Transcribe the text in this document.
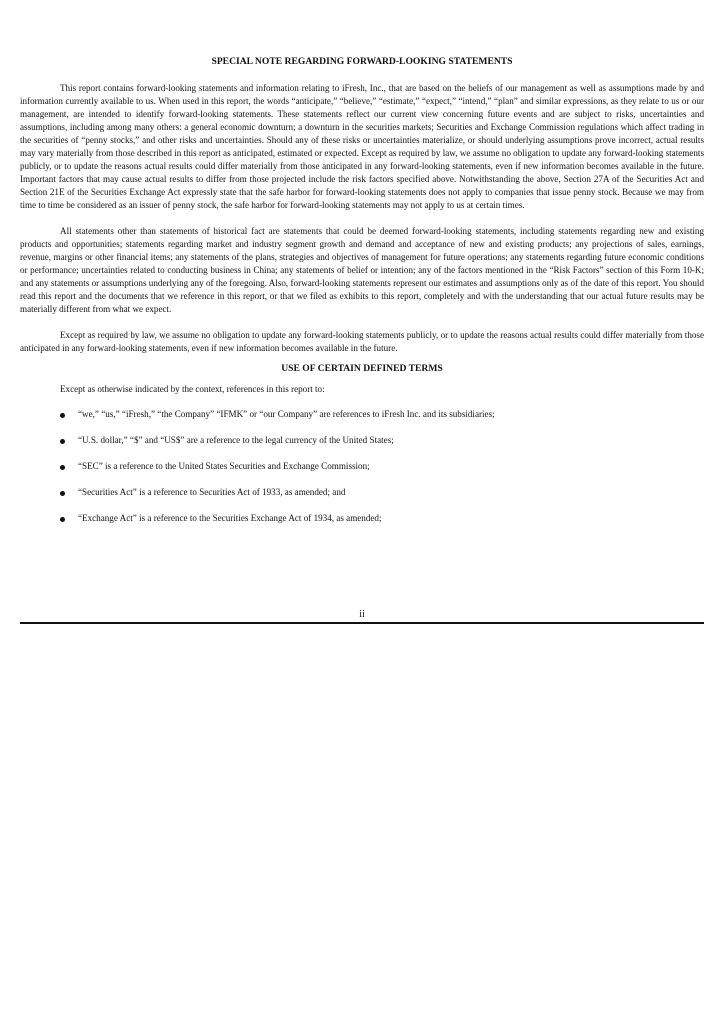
SPECIAL NOTE REGARDING FORWARD-LOOKING STATEMENTS

This report contains forward-looking statements and information relating to iFresh, Inc., that are based on the beliefs of our management as well as assumptions made by and information currently available to us. When used in this report, the words “anticipate,” “believe,” “estimate,” “expect,” “intend,” “plan” and similar expressions, as they relate to us or our management, are intended to identify forward-looking statements. These statements reflect our current view concerning future events and are subject to risks, uncertainties and assumptions, including among many others: a general economic downturn; a downturn in the securities markets; Securities and Exchange Commission regulations which affect trading in the securities of “penny stocks,” and other risks and uncertainties. Should any of these risks or uncertainties materialize, or should underlying assumptions prove incorrect, actual results may vary materially from those described in this report as anticipated, estimated or expected. Except as required by law, we assume no obligation to update any forward-looking statements publicly, or to update the reasons actual results could differ materially from those anticipated in any forward-looking statements, even if new information becomes available in the future. Important factors that may cause actual results to differ from those projected include the risk factors specified above. Notwithstanding the above, Section 27A of the Securities Act and Section 21E of the Securities Exchange Act expressly state that the safe harbor for forward-looking statements does not apply to companies that issue penny stock. Because we may from time to time be considered as an issuer of penny stock, the safe harbor for forward-looking statements may not apply to us at certain times.

All statements other than statements of historical fact are statements that could be deemed forward-looking statements, including statements regarding new and existing products and opportunities; statements regarding market and industry segment growth and demand and acceptance of new and existing products; any projections of sales, earnings, revenue, margins or other financial items; any statements of the plans, strategies and objectives of management for future operations; any statements regarding future economic conditions or performance; uncertainties related to conducting business in China; any statements of belief or intention; any of the factors mentioned in the “Risk Factors” section of this Form 10-K; and any statements or assumptions underlying any of the foregoing. Also, forward-looking statements represent our estimates and assumptions only as of the date of this report. You should read this report and the documents that we reference in this report, or that we filed as exhibits to this report, completely and with the understanding that our actual future results may be materially different from what we expect.

Except as required by law, we assume no obligation to update any forward-looking statements publicly, or to update the reasons actual results could differ materially from those anticipated in any forward-looking statements, even if new information becomes available in the future.

USE OF CERTAIN DEFINED TERMS

Except as otherwise indicated by the context, references in this report to:

“we,” “us,” “iFresh,” “the Company” “IFMK” or “our Company” are references to iFresh Inc. and its subsidiaries;
“U.S. dollar,” “$” and “US$” are a reference to the legal currency of the United States;
“SEC” is a reference to the United States Securities and Exchange Commission;
“Securities Act” is a reference to Securities Act of 1933, as amended; and
“Exchange Act” is a reference to the Securities Exchange Act of 1934, as amended;
ii
